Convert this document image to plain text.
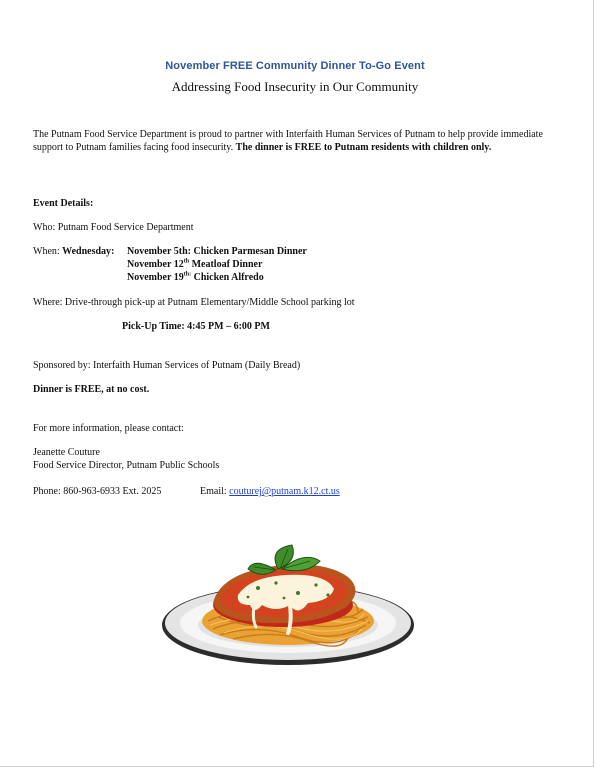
November FREE Community Dinner To-Go Event
Addressing Food Insecurity in Our Community
The Putnam Food Service Department is proud to partner with Interfaith Human Services of Putnam to help provide immediate support to Putnam families facing food insecurity. The dinner is FREE to Putnam residents with children only.
Event Details:
Who: Putnam Food Service Department
When: Wednesday: November 5th: Chicken Parmesan Dinner
November 12th Meatloaf Dinner
November $19^{th:}$ Chicken Alfredo
Where: Drive-through pick-up at Putnam Elementary/Middle School parking lot
Pick-Up Time: 4:45 PM – 6:00 PM
Sponsored by: Interfaith Human Services of Putnam (Daily Bread)
Dinner is FREE, at no cost.
For more information, please contact:
Jeanette Couture
Food Service Director, Putnam Public Schools
Phone: 860-963-6933 Ext. 2025	Email: couturej@putnam.k12.ct.us
